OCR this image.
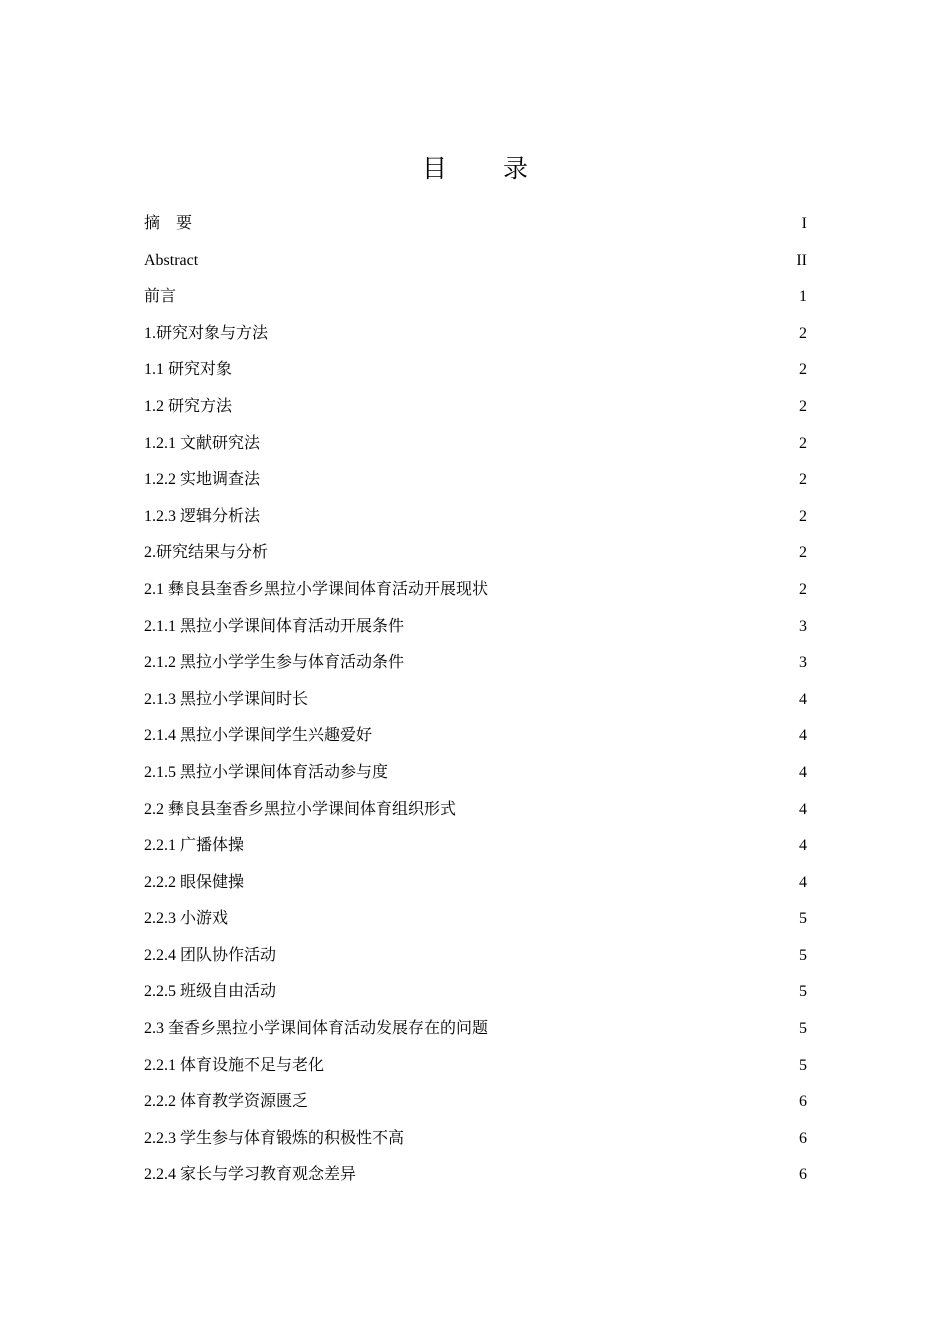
目 录
摘　要	I
Abstract	II
前言	1
1.研究对象与方法	2
1.1 研究对象	2
1.2 研究方法	2
1.2.1 文献研究法	2
1.2.2 实地调查法	2
1.2.3 逻辑分析法	2
2.研究结果与分析	2
2.1 彝良县奎香乡黑拉小学课间体育活动开展现状	2
2.1.1 黑拉小学课间体育活动开展条件	3
2.1.2 黑拉小学学生参与体育活动条件	3
2.1.3 黑拉小学课间时长	4
2.1.4 黑拉小学课间学生兴趣爱好	4
2.1.5 黑拉小学课间体育活动参与度	4
2.2 彝良县奎香乡黑拉小学课间体育组织形式	4
2.2.1 广播体操	4
2.2.2 眼保健操	4
2.2.3 小游戏	5
2.2.4 团队协作活动	5
2.2.5 班级自由活动	5
2.3 奎香乡黑拉小学课间体育活动发展存在的问题	5
2.2.1 体育设施不足与老化	5
2.2.2 体育教学资源匮乏	6
2.2.3 学生参与体育锻炼的积极性不高	6
2.2.4 家长与学习教育观念差异	6
